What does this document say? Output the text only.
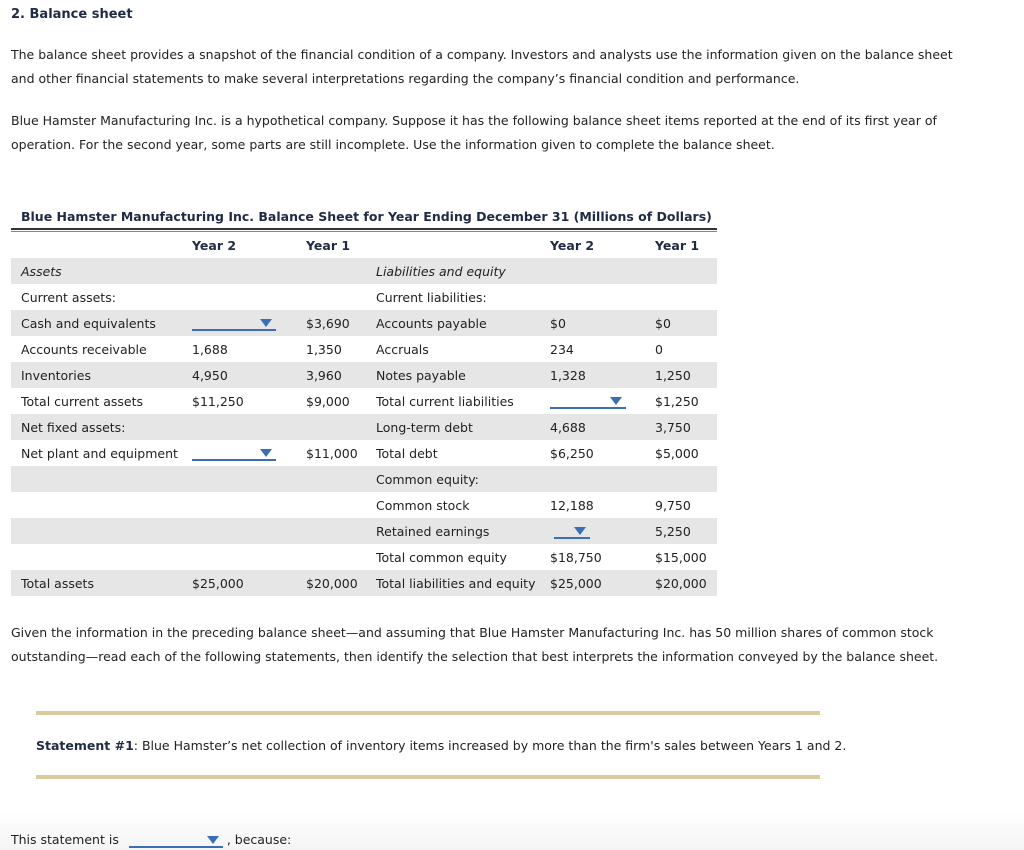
2. Balance sheet
The balance sheet provides a snapshot of the financial condition of a company. Investors and analysts use the information given on the balance sheet
and other financial statements to make several interpretations regarding the company’s financial condition and performance.
Blue Hamster Manufacturing Inc. is a hypothetical company. Suppose it has the following balance sheet items reported at the end of its first year of
operation. For the second year, some parts are still incomplete. Use the information given to complete the balance sheet.
Blue Hamster Manufacturing Inc. Balance Sheet for Year Ending December 31 (Millions of Dollars)
	Year 2	Year 1		Year 2	Year 1
Assets			Liabilities and equity		
Current assets:			Current liabilities:		
Cash and equivalents		$3,690	Accounts payable	$0	$0
Accounts receivable	1,688	1,350	Accruals	234	0
Inventories	4,950	3,960	Notes payable	1,328	1,250
Total current assets	$11,250	$9,000	Total current liabilities		$1,250
Net fixed assets:			Long-term debt	4,688	3,750
Net plant and equipment		$11,000	Total debt	$6,250	$5,000
			Common equity:		
			Common stock	12,188	9,750
			Retained earnings		5,250
			Total common equity	$18,750	$15,000
Total assets	$25,000	$20,000	Total liabilities and equity	$25,000	$20,000
Given the information in the preceding balance sheet—and assuming that Blue Hamster Manufacturing Inc. has 50 million shares of common stock
outstanding—read each of the following statements, then identify the selection that best interprets the information conveyed by the balance sheet.
Statement #1: Blue Hamster’s net collection of inventory items increased by more than the firm's sales between Years 1 and 2.
This statement is	, because:
